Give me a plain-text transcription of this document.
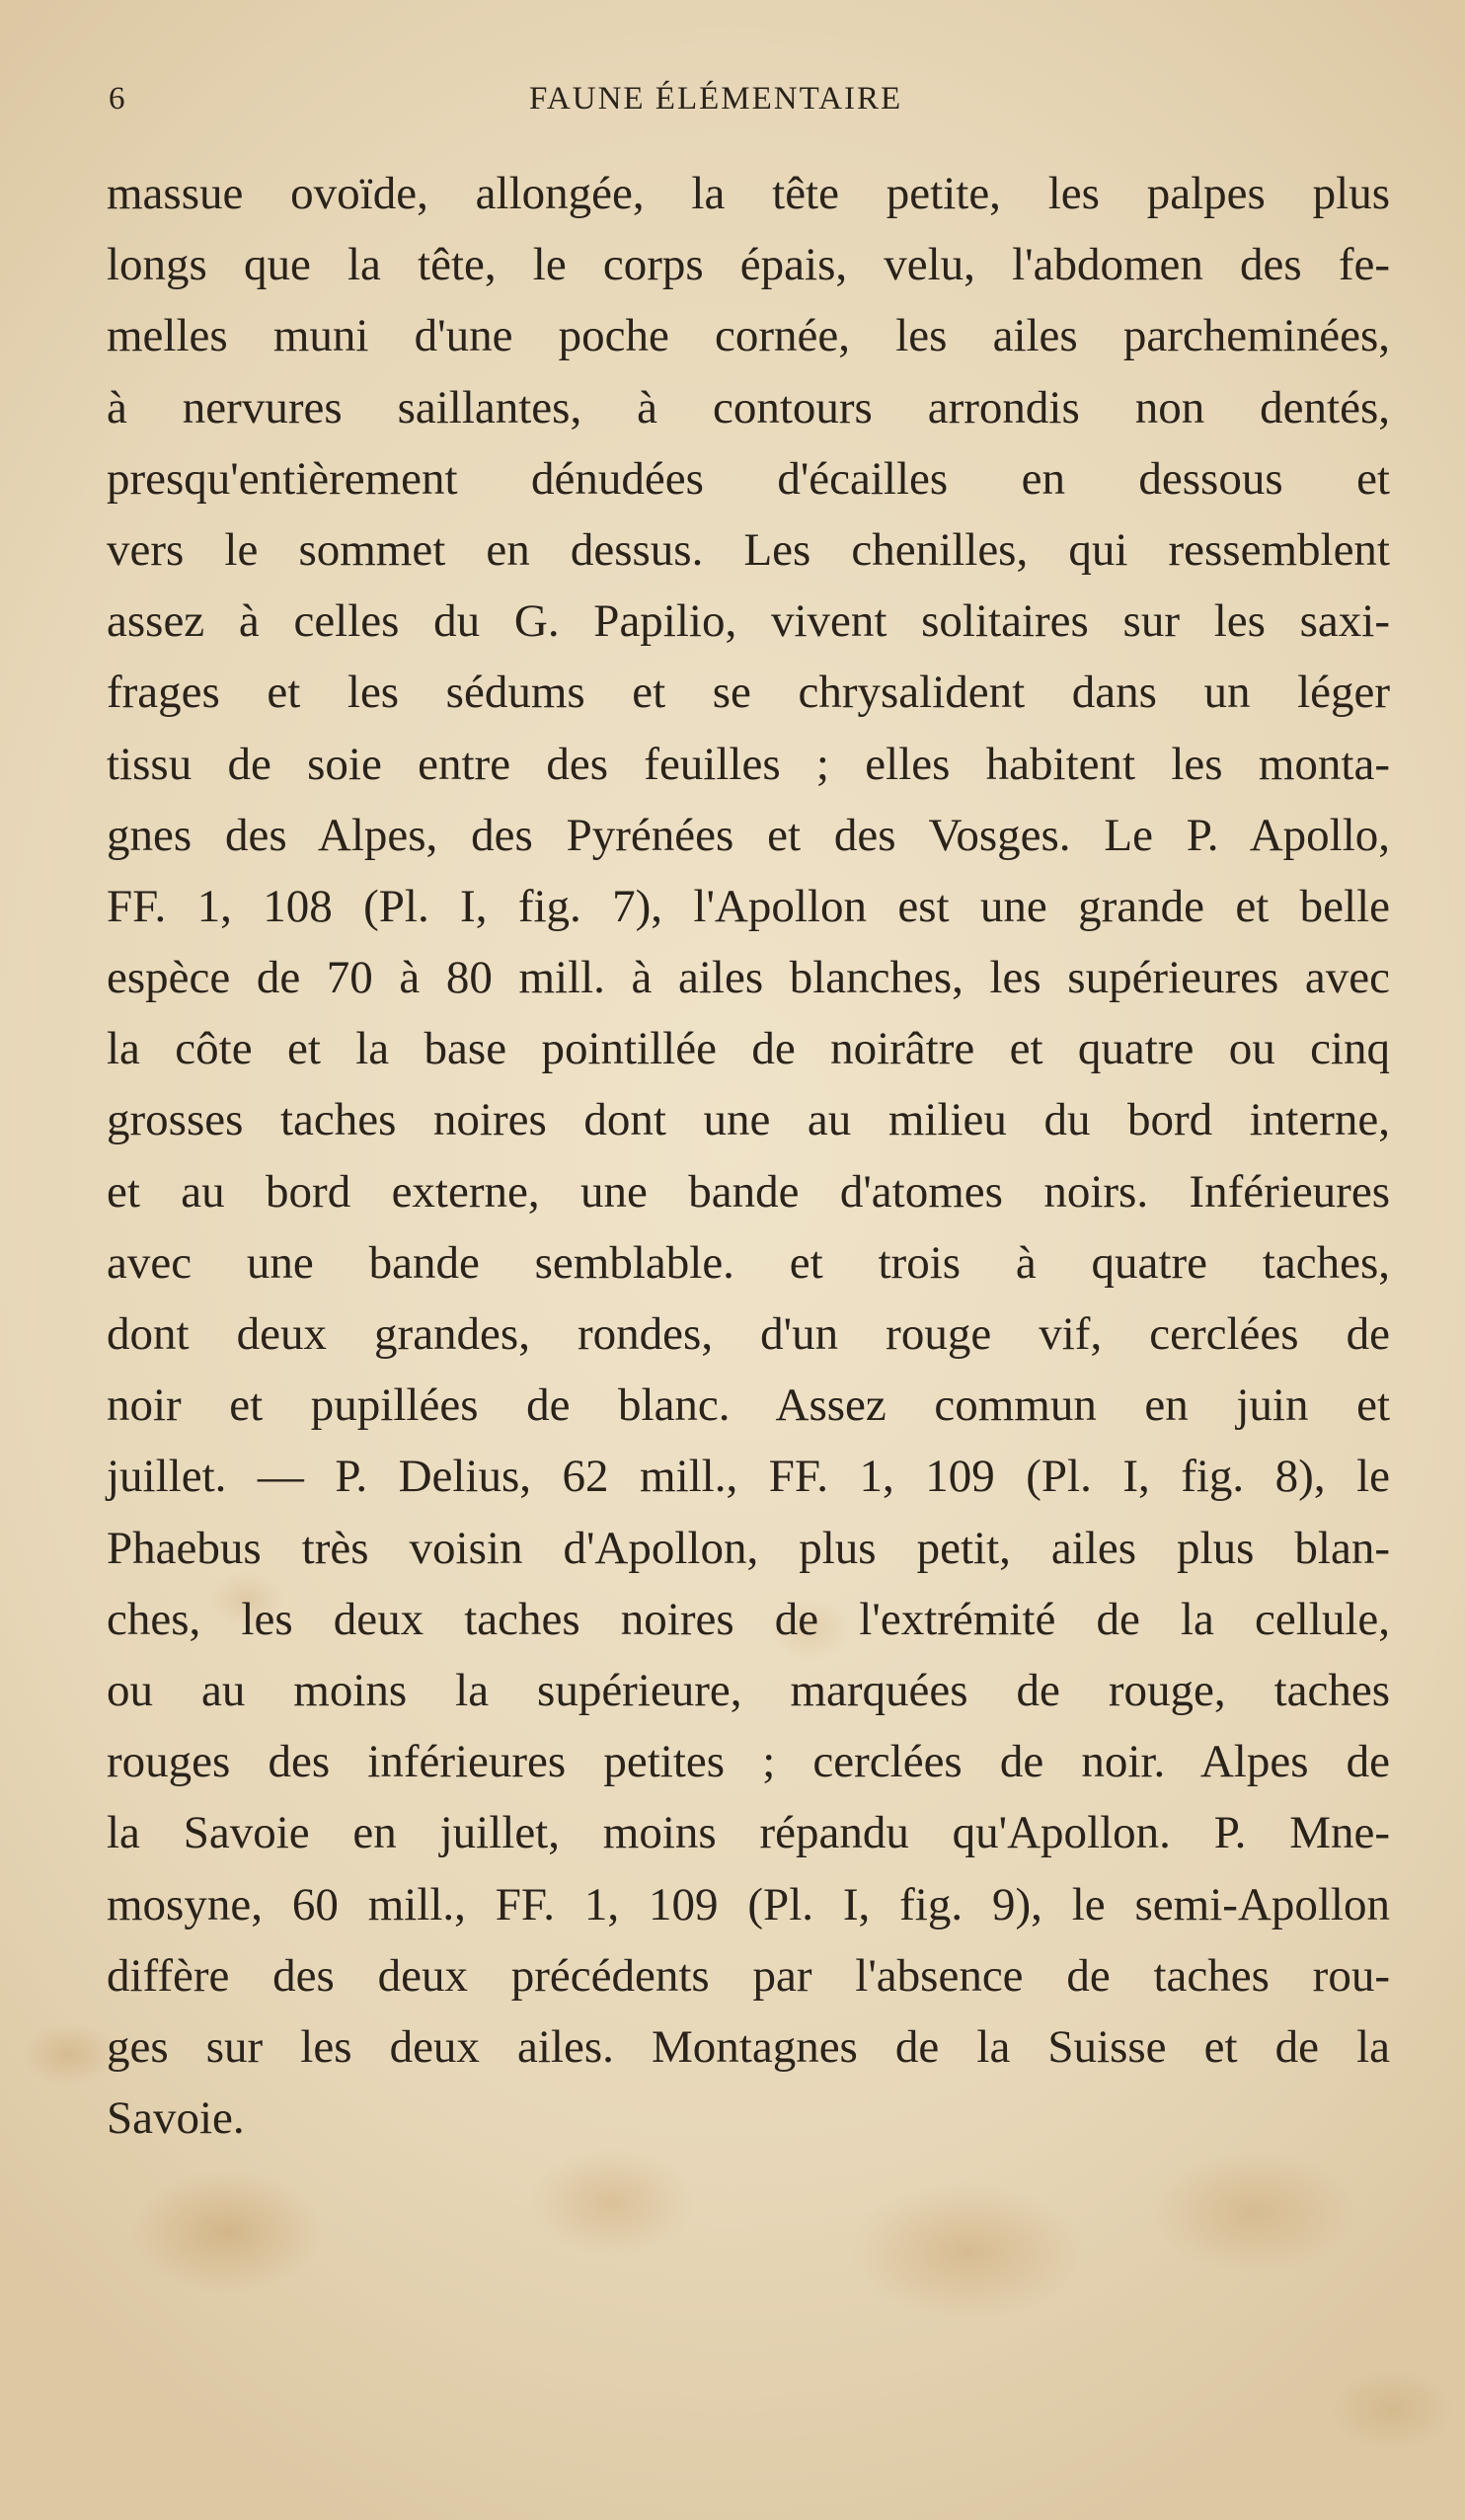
6	FAUNE ÉLÉMENTAIRE
massue ovoïde, allongée, la tête petite, les palpes plus
longs que la tête, le corps épais, velu, l'abdomen des fe-
melles muni d'une poche cornée, les ailes parcheminées,
à nervures saillantes, à contours arrondis non dentés,
presqu'entièrement dénudées d'écailles en dessous et
vers le sommet en dessus. Les chenilles, qui ressemblent
assez à celles du G. Papilio, vivent solitaires sur les saxi-
frages et les sédums et se chrysalident dans un léger
tissu de soie entre des feuilles ; elles habitent les monta-
gnes des Alpes, des Pyrénées et des Vosges. Le P. Apollo,
FF. 1, 108 (Pl. I, fig. 7), l'Apollon est une grande et belle
espèce de 70 à 80 mill. à ailes blanches, les supérieures avec
la côte et la base pointillée de noirâtre et quatre ou cinq
grosses taches noires dont une au milieu du bord interne,
et au bord externe, une bande d'atomes noirs. Inférieures
avec une bande semblable. et trois à quatre taches,
dont deux grandes, rondes, d'un rouge vif, cerclées de
noir et pupillées de blanc. Assez commun en juin et
juillet. — P. Delius, 62 mill., FF. 1, 109 (Pl. I, fig. 8), le
Phaebus très voisin d'Apollon, plus petit, ailes plus blan-
ches, les deux taches noires de l'extrémité de la cellule,
ou au moins la supérieure, marquées de rouge, taches
rouges des inférieures petites ; cerclées de noir. Alpes de
la Savoie en juillet, moins répandu qu'Apollon. P. Mne-
mosyne, 60 mill., FF. 1, 109 (Pl. I, fig. 9), le semi-Apollon
diffère des deux précédents par l'absence de taches rou-
ges sur les deux ailes. Montagnes de la Suisse et de la
Savoie.
